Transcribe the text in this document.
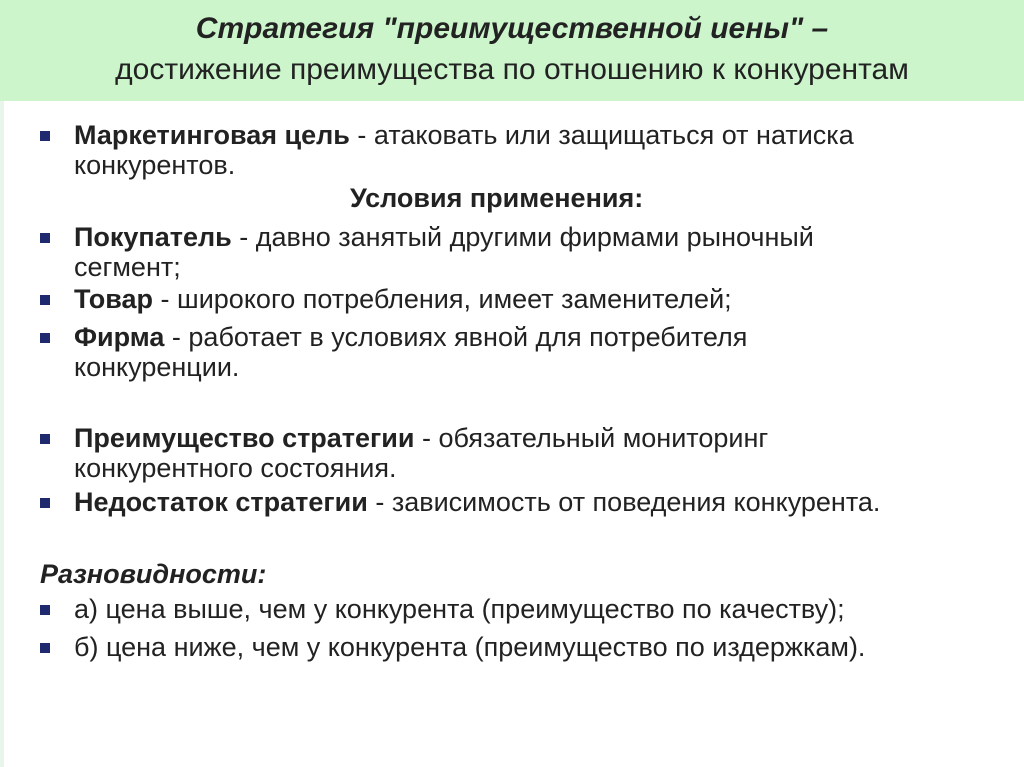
Стратегия "преимущественной иены" –
достижение преимущества по отношению к конкурентам
Маркетинговая цель - атаковать или защищаться от натиска
конкурентов.
Условия применения:
Покупатель - давно занятый другими фирмами рыночный
сегмент;
Товар - широкого потребления, имеет заменителей;
Фирма - работает в условиях явной для потребителя
конкуренции.
Преимущество стратегии - обязательный мониторинг
конкурентного состояния.
Недостаток стратегии - зависимость от поведения конкурента.
Разновидности:
а) цена выше, чем у конкурента (преимущество по качеству);
б) цена ниже, чем у конкурента (преимущество по издержкам).
